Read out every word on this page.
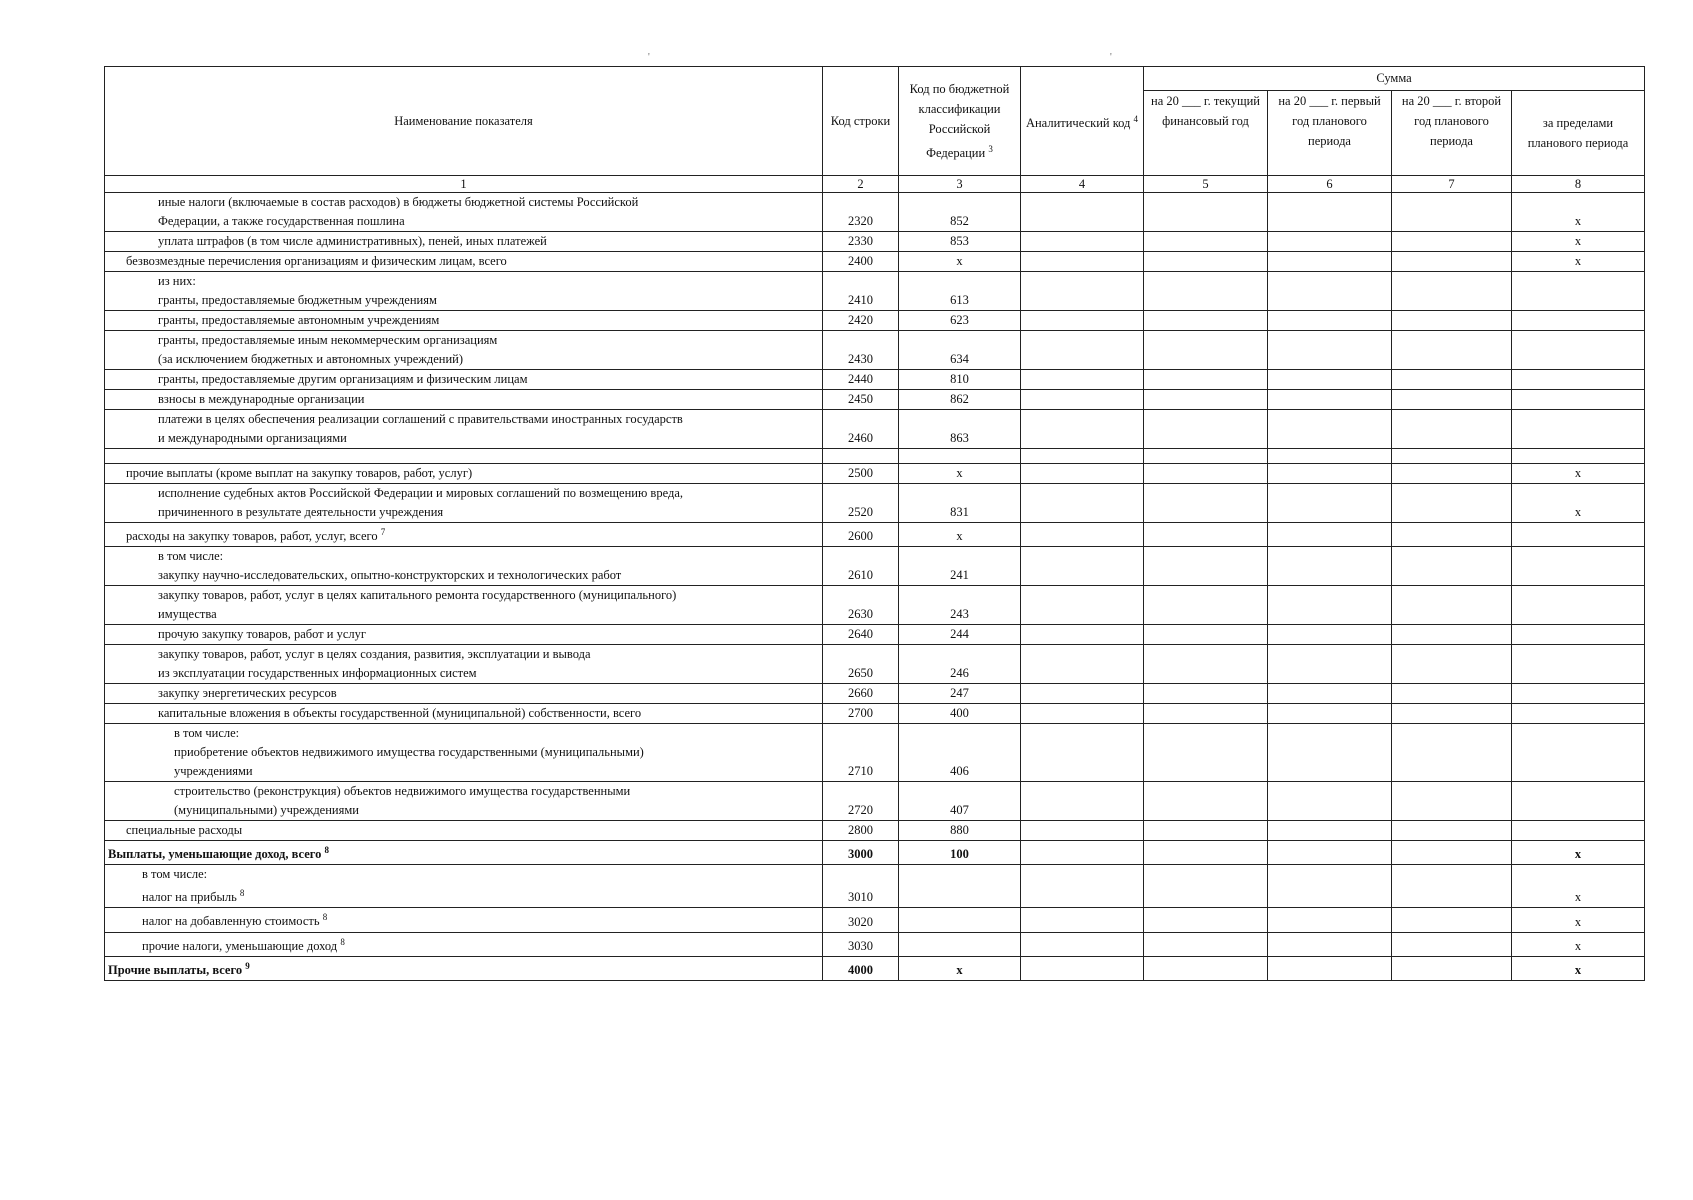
'	'
Наименование показателя	Код строки	Код по бюджетной классификации Российской Федерации $^3$	Аналитический код $^4$	Сумма			
				на 20 ___ г. текущий финансовый год	на 20 ___ г. первый год планового периода	на 20 ___ г. второй год планового периода	за пределами планового периода
1	2	3	4	5	6	7	8
иные налоги (включаемые в состав расходов) в бюджеты бюджетной системы Российской
Федерации, а также государственная пошлина	2320	852					x
уплата штрафов (в том числе административных), пеней, иных платежей	2330	853					x
безвозмездные перечисления организациям и физическим лицам, всего	2400	x					x
из них:
гранты, предоставляемые бюджетным учреждениям	2410	613					
гранты, предоставляемые автономным учреждениям	2420	623					
гранты, предоставляемые иным некоммерческим организациям
(за исключением бюджетных и автономных учреждений)	2430	634					
гранты, предоставляемые другим организациям и физическим лицам	2440	810					
взносы в международные организации	2450	862					
платежи в целях обеспечения реализации соглашений с правительствами иностранных государств
и международными организациями	2460	863					

прочие выплаты (кроме выплат на закупку товаров, работ, услуг)	2500	x					x
исполнение судебных актов Российской Федерации и мировых соглашений по возмещению вреда,
причиненного в результате деятельности учреждения	2520	831					x
расходы на закупку товаров, работ, услуг, всего $^7$	2600	x					
в том числе:
закупку научно-исследовательских, опытно-конструкторских и технологических работ	2610	241					
закупку товаров, работ, услуг в целях капитального ремонта государственного (муниципального)
имущества	2630	243					
прочую закупку товаров, работ и услуг	2640	244					
закупку товаров, работ, услуг в целях создания, развития, эксплуатации и вывода
из эксплуатации государственных информационных систем	2650	246					
закупку энергетических ресурсов	2660	247					
капитальные вложения в объекты государственной (муниципальной) собственности, всего	2700	400					
в том числе:
приобретение объектов недвижимого имущества государственными (муниципальными)
учреждениями	2710	406					
строительство (реконструкция) объектов недвижимого имущества государственными
(муниципальными) учреждениями	2720	407					
специальные расходы	2800	880					
Выплаты, уменьшающие доход, всего $^8$	3000	100					x
в том числе:
налог на прибыль $^8$	3010						x
налог на добавленную стоимость $^8$	3020						x
прочие налоги, уменьшающие доход $^8$	3030						x
Прочие выплаты, всего $^9$	4000	x					x
